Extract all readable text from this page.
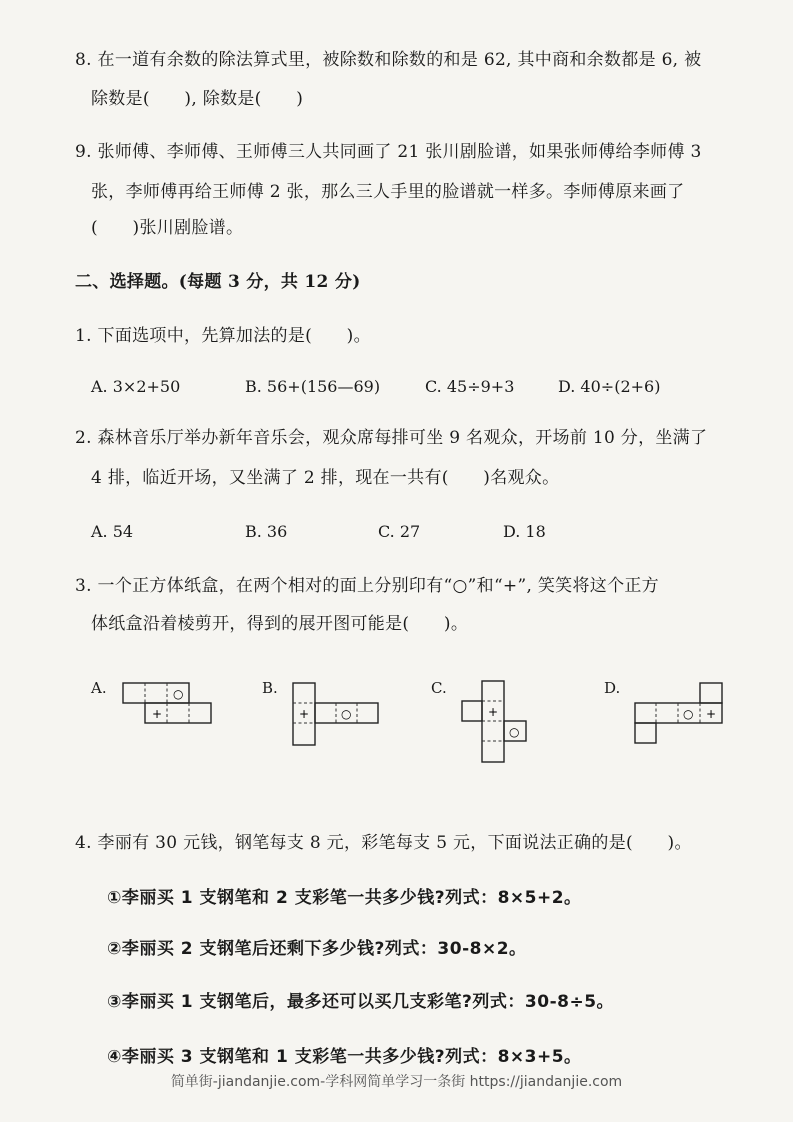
8. 在一道有余数的除法算式里，被除数和除数的和是 62, 其中商和余数都是 6, 被
除数是(　　), 除数是(　　)
9. 张师傅、李师傅、王师傅三人共同画了 21 张川剧脸谱，如果张师傅给李师傅 3
张，李师傅再给王师傅 2 张，那么三人手里的脸谱就一样多。李师傅原来画了
(　　)张川剧脸谱。
二、选择题。(每题 3 分，共 12 分)
1. 下面选项中，先算加法的是(　　)。
A. 3×2+50	B. 56+(156—69)	C. 45÷9+3	D. 40÷(2+6)
2. 森林音乐厅举办新年音乐会，观众席每排可坐 9 名观众，开场前 10 分，坐满了
4 排，临近开场，又坐满了 2 排，现在一共有(　　)名观众。
A. 54	B. 36	C. 27	D. 18
3. 一个正方体纸盒，在两个相对的面上分别印有“○”和“+”, 笑笑将这个正方
体纸盒沿着棱剪开，得到的展开图可能是(　　)。
A.	○
+
B.
+	○
C.
+
○
D.
○ +
4. 李丽有 30 元钱，钢笔每支 8 元，彩笔每支 5 元，下面说法正确的是(　　)。
①李丽买 1 支钢笔和 2 支彩笔一共多少钱?列式：8×5+2。
②李丽买 2 支钢笔后还剩下多少钱?列式：30-8×2。
③李丽买 1 支钢笔后，最多还可以买几支彩笔?列式：30-8÷5。
④李丽买 3 支钢笔和 1 支彩笔一共多少钱?列式：8×3+5。
简单街-jiandanjie.com-学科网简单学习一条街 https://jiandanjie.com
